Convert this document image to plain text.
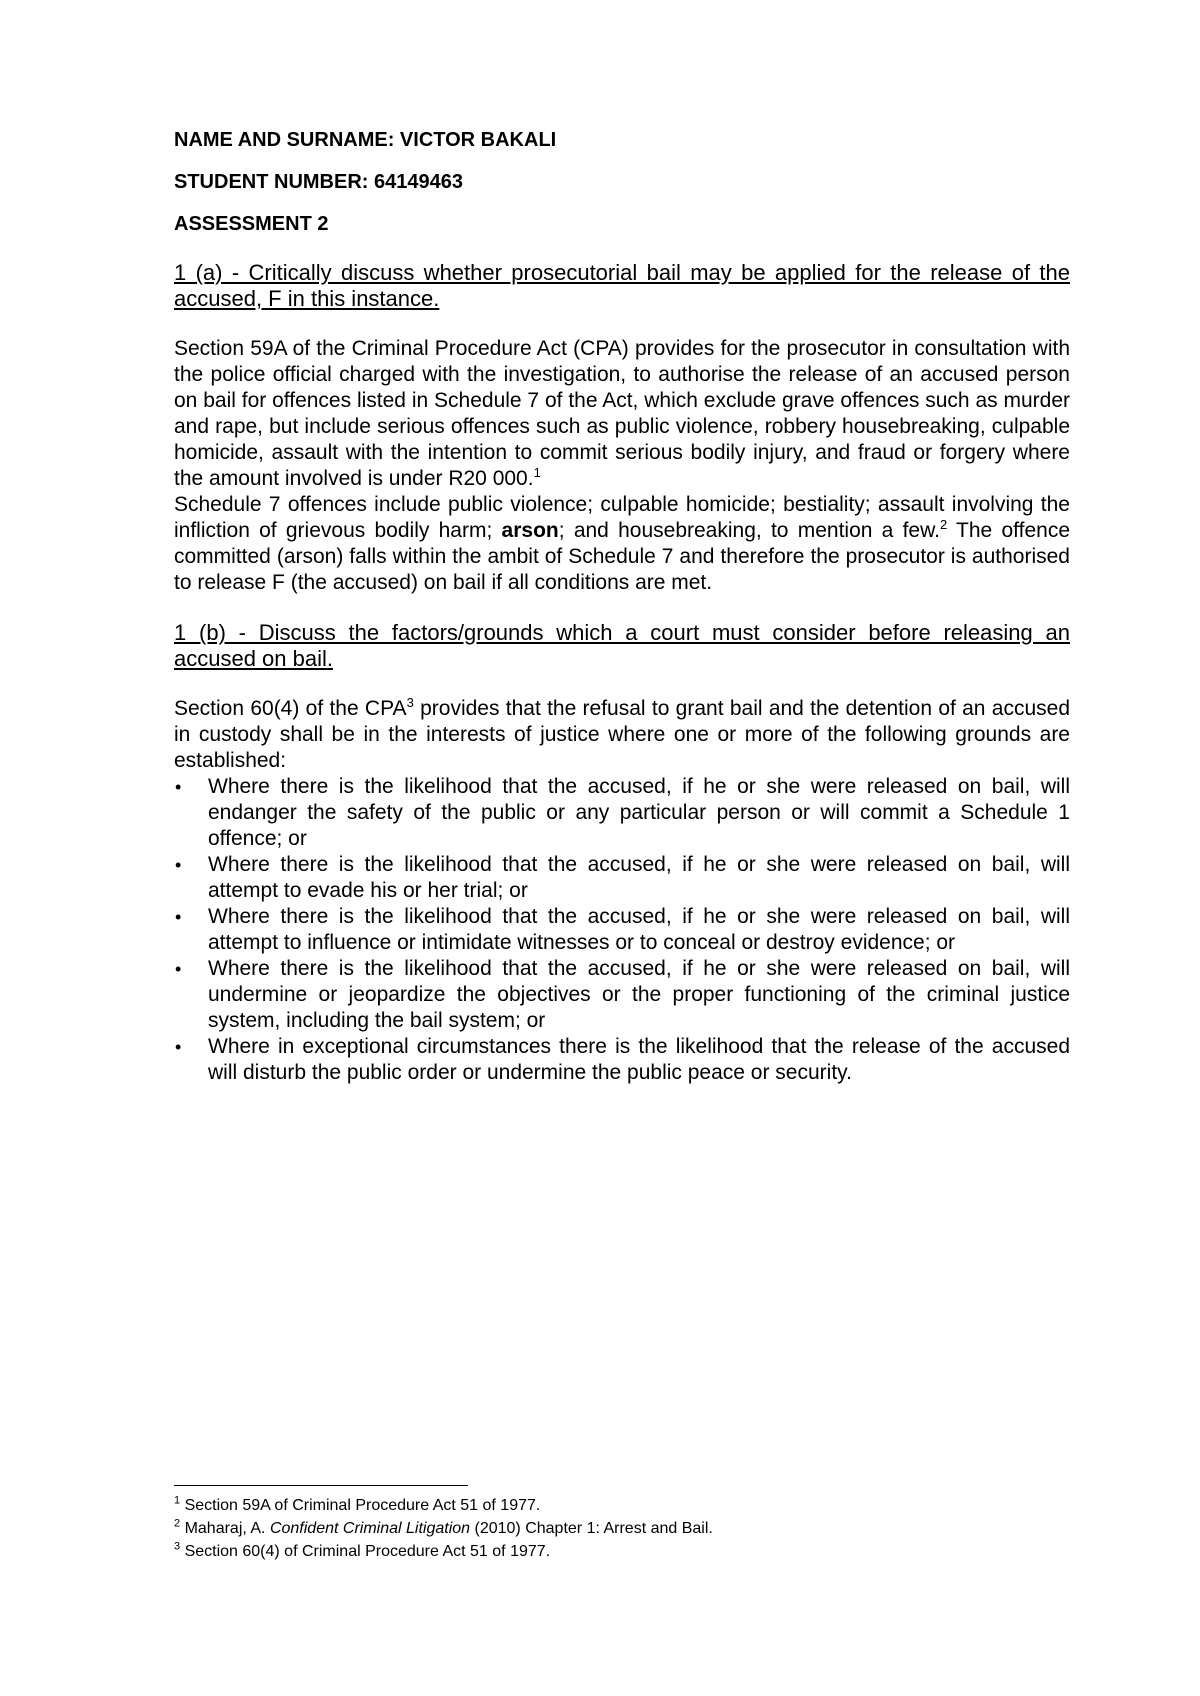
NAME AND SURNAME: VICTOR BAKALI
STUDENT NUMBER: 64149463
ASSESSMENT 2

1 (a) - Critically discuss whether prosecutorial bail may be applied for the release of the accused, F in this instance.

Section 59A of the Criminal Procedure Act (CPA) provides for the prosecutor in consultation with the police official charged with the investigation, to authorise the release of an accused person on bail for offences listed in Schedule 7 of the Act, which exclude grave offences such as murder and rape, but include serious offences such as public violence, robbery housebreaking, culpable homicide, assault with the intention to commit serious bodily injury, and fraud or forgery where the amount involved is under R20 000.$^1$

Schedule 7 offences include public violence; culpable homicide; bestiality; assault involving the infliction of grievous bodily harm; arson; and housebreaking, to mention a few.$^2$ The offence committed (arson) falls within the ambit of Schedule 7 and therefore the prosecutor is authorised to release F (the accused) on bail if all conditions are met.

1 (b) - Discuss the factors/grounds which a court must consider before releasing an accused on bail.

Section 60(4) of the CPA$^3$ provides that the refusal to grant bail and the detention of an accused in custody shall be in the interests of justice where one or more of the following grounds are established:

• Where there is the likelihood that the accused, if he or she were released on bail, will endanger the safety of the public or any particular person or will commit a Schedule 1 offence; or
• Where there is the likelihood that the accused, if he or she were released on bail, will attempt to evade his or her trial; or
• Where there is the likelihood that the accused, if he or she were released on bail, will attempt to influence or intimidate witnesses or to conceal or destroy evidence; or
• Where there is the likelihood that the accused, if he or she were released on bail, will undermine or jeopardize the objectives or the proper functioning of the criminal justice system, including the bail system; or
• Where in exceptional circumstances there is the likelihood that the release of the accused will disturb the public order or undermine the public peace or security.
$^1$ Section 59A of Criminal Procedure Act 51 of 1977.
$^2$ Maharaj, A. Confident Criminal Litigation (2010) Chapter 1: Arrest and Bail.
$^3$ Section 60(4) of Criminal Procedure Act 51 of 1977.
